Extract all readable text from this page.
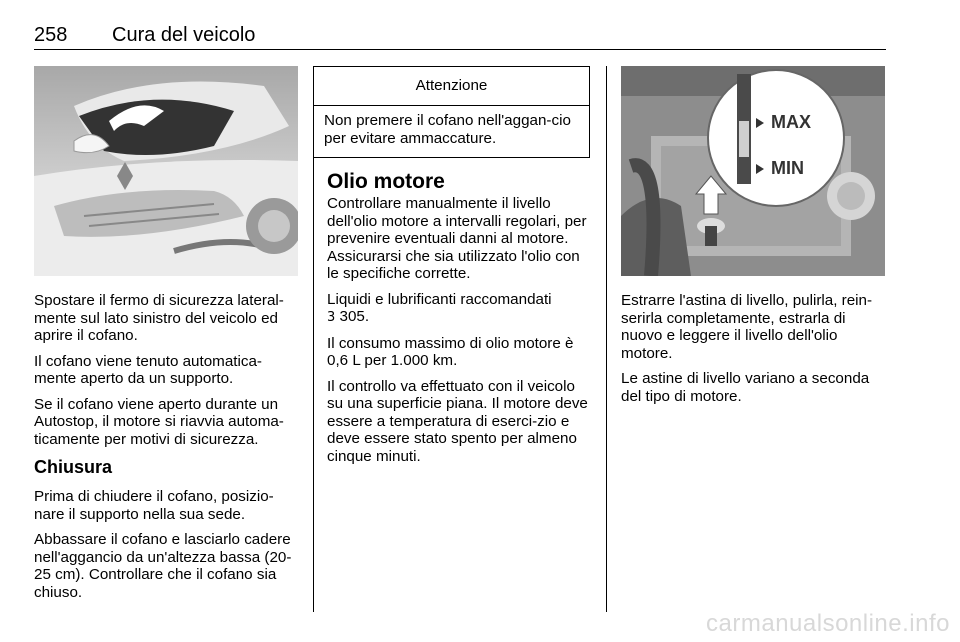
258 Cura del veicolo

Spostare il fermo di sicurezza lateral-mente sul lato sinistro del veicolo ed aprire il cofano.

Il cofano viene tenuto automatica-mente aperto da un supporto.

Se il cofano viene aperto durante un Autostop, il motore si riavvia automa-ticamente per motivi di sicurezza.

Chiusura

Prima di chiudere il cofano, posizio-nare il supporto nella sua sede.

Abbassare il cofano e lasciarlo cadere nell'aggancio da un'altezza bassa (20-25 cm). Controllare che il cofano sia chiuso.

Attenzione
Non premere il cofano nell'aggan-cio per evitare ammaccature.
Olio motore

Controllare manualmente il livello dell'olio motore a intervalli regolari, per prevenire eventuali danni al motore. Assicurarsi che sia utilizzato l'olio con le specifiche corrette.

Liquidi e lubrificanti raccomandati
3 305.

Il consumo massimo di olio motore è 0,6 L per 1.000 km.

Il controllo va effettuato con il veicolo su una superficie piana. Il motore deve essere a temperatura di eserci-zio e deve essere stato spento per almeno cinque minuti.

MAX
MIN

Estrarre l'astina di livello, pulirla, rein-serirla completamente, estrarla di nuovo e leggere il livello dell'olio motore.

Le astine di livello variano a seconda del tipo di motore.

carmanualsonline.info
